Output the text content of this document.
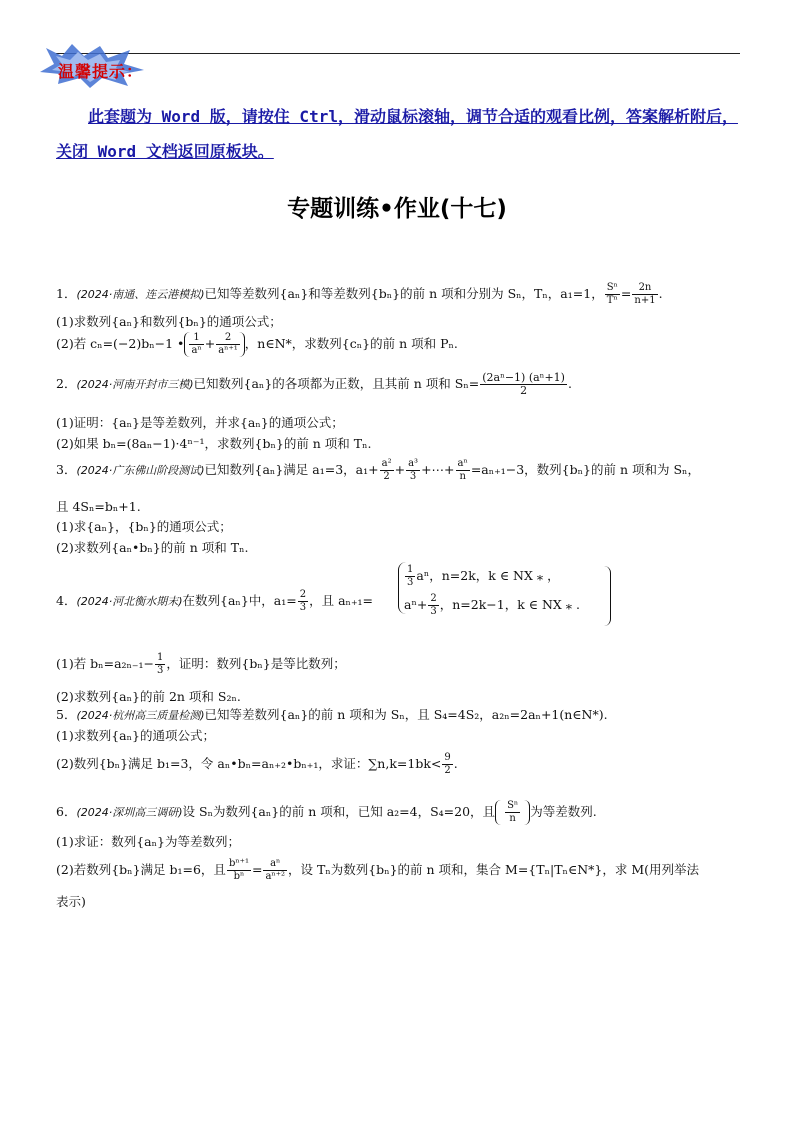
温馨提示：
此套题为 Word 版，请按住 Ctrl，滑动鼠标滚轴，调节合适的观看比例，答案解析附后，关闭 Word 文档返回原板块。
专题训练•作业(十七)
1．(2024·南通、连云港模拟)已知等差数列{aₙ}和等差数列{bₙ}的前 n 项和分别为 Sₙ，Tₙ，a₁=1， $\frac{\text{Sⁿ}}{\text{Tⁿ}} = \frac{2n}{n+1}$ .
(1)求数列{aₙ}和数列{bₙ}的通项公式；
(2)若 cₙ=(−2)bₙ−1 • $\frac{1}{\text{aⁿ}} + \frac{2}{\text{aⁿ⁺¹}}$ ，n∈N*，求数列{cₙ}的前 n 项和 Pₙ.
2．(2024·河南开封市三模)已知数列{aₙ}的各项都为正数，且其前 n 项和 $S_n= \frac{\text{(2aⁿ−1) (aⁿ+1)}}{2}$ .
(1)证明：{aₙ}是等差数列，并求{aₙ}的通项公式；
(2)如果 bₙ=(8aₙ−1)·4ⁿ⁻¹，求数列{bₙ}的前 n 项和 Tₙ.
3．(2024·广东佛山阶段测试)已知数列{aₙ}满足 a₁=3，$a_1+ \frac{\text{a²}}{2} + \frac{\text{a³}}{3}$ +⋯+ $\frac{\text{aⁿ}}{n} =a_{n+1}-3$，数列{bₙ}的前 n 项和为 Sₙ，
且 4Sₙ=bₙ+1.
(1)求{aₙ}，{bₙ}的通项公式；
(2)求数列{aₙ•bₙ}的前 n 项和 Tₙ.
4．(2024·河北衡水期末)在数列{aₙ}中，$a_1= \frac{2}{3}$ ，且 aₙ₊₁=
$\frac{1}{3}$ aⁿ，n=2k，k ∈ NX ⁎ ，
$a^n+ \frac{2}{3}$ ，n=2k−1，k ∈ NX ⁎ .
(1)若 $b_n=a_{2n-1}- \frac{1}{3}$ ，证明：数列{bₙ}是等比数列；
(2)求数列{aₙ}的前 2n 项和 S₂ₙ.
5．(2024·杭州高三质量检测)已知等差数列{aₙ}的前 n 项和为 Sₙ，且 S₄=4S₂，a₂ₙ=2aₙ+1(n∈N*).
(1)求数列{aₙ}的通项公式；
(2)数列{bₙ}满足 b₁=3，令 aₙ•bₙ=aₙ₊₂•bₙ₊₁，求证：$\sum n,k=1bk< \frac{9}{2}$ .
6．(2024·深圳高三调研)设 Sₙ为数列{aₙ}的前 n 项和，已知 a₂=4，S₄=20，且 $\frac{\text{Sⁿ}}{n}$ 为等差数列.
(1)求证：数列{aₙ}为等差数列；
(2)若数列{bₙ}满足 b₁=6，且 $\frac{\text{bⁿ⁺¹}}{\text{bⁿ}} = \frac{\text{aⁿ}}{\text{aⁿ⁺²}}$ ，设 Tₙ为数列{bₙ}的前 n 项和，集合 M={Tₙ|Tₙ∈N*}，求 M(用列举法
表示)
